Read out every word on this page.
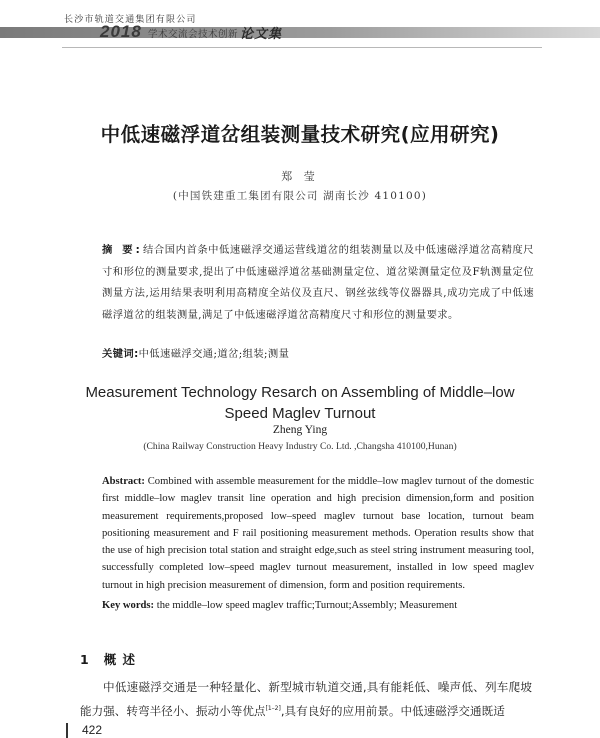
长沙市轨道交通集团有限公司
2018 学术交流会技术创新 论文集
中低速磁浮道岔组装测量技术研究(应用研究)
郑 莹
(中国铁建重工集团有限公司 湖南长沙 410100)
摘 要:结合国内首条中低速磁浮交通运营线道岔的组装测量以及中低速磁浮道岔高精度尺寸和形位的测量要求,提出了中低速磁浮道岔基础测量定位、道岔梁测量定位及F轨测量定位测量方法,运用结果表明利用高精度全站仪及直尺、钢丝弦线等仪器器具,成功完成了中低速磁浮道岔的组装测量,满足了中低速磁浮道岔高精度尺寸和形位的测量要求。
关键词:中低速磁浮交通;道岔;组装;测量
Measurement Technology Resarch on Assembling of Middle–low
Speed Maglev Turnout
Zheng Ying
(China Railway Construction Heavy Industry Co. Ltd. ,Changsha 410100,Hunan)
Abstract: Combined with assemble measurement for the middle–low maglev turnout of the domestic first middle–low maglev transit line operation and high precision dimension,form and position measurement requirements,proposed low–speed maglev turnout base location, turnout beam positioning measurement and F rail positioning measurement methods. Operation results show that the use of high precision total station and straight edge,such as steel string instrument measuring tool, successfully completed low–speed maglev turnout measurement, installed in low speed maglev turnout in high precision measurement of dimension, form and position requirements.
Key words: the middle–low speed maglev traffic;Turnout;Assembly; Measurement
1 概 述
中低速磁浮交通是一种轻量化、新型城市轨道交通,具有能耗低、噪声低、列车爬坡能力强、转弯半径小、振动小等优点[1–2],具有良好的应用前景。中低速磁浮交通既适
422
